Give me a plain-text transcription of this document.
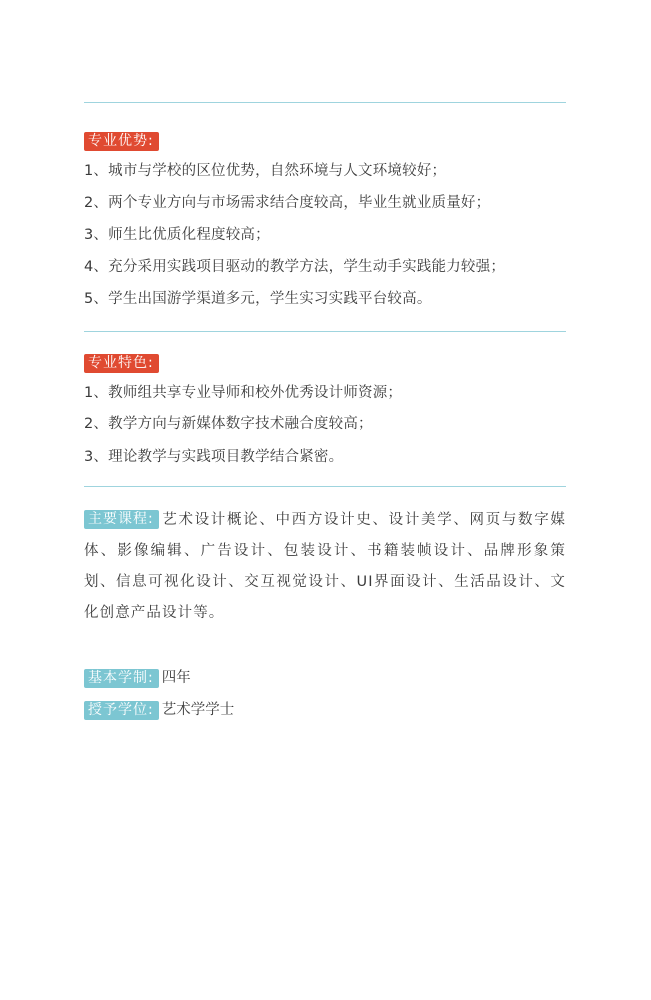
专业优势:

1、城市与学校的区位优势，自然环境与人文环境较好；

2、两个专业方向与市场需求结合度较高，毕业生就业质量好；

3、师生比优质化程度较高；

4、充分采用实践项目驱动的教学方法，学生动手实践能力较强；

5、学生出国游学渠道多元，学生实习实践平台较高。

专业特色:

1、教师组共享专业导师和校外优秀设计师资源；

2、教学方向与新媒体数字技术融合度较高；

3、理论教学与实践项目教学结合紧密。

主要课程: 艺术设计概论、中西方设计史、设计美学、网页与数字媒体、影像编辑、广告设计、包装设计、书籍装帧设计、品牌形象策划、信息可视化设计、交互视觉设计、UI界面设计、生活品设计、文化创意产品设计等。

基本学制: 四年
授予学位: 艺术学学士
